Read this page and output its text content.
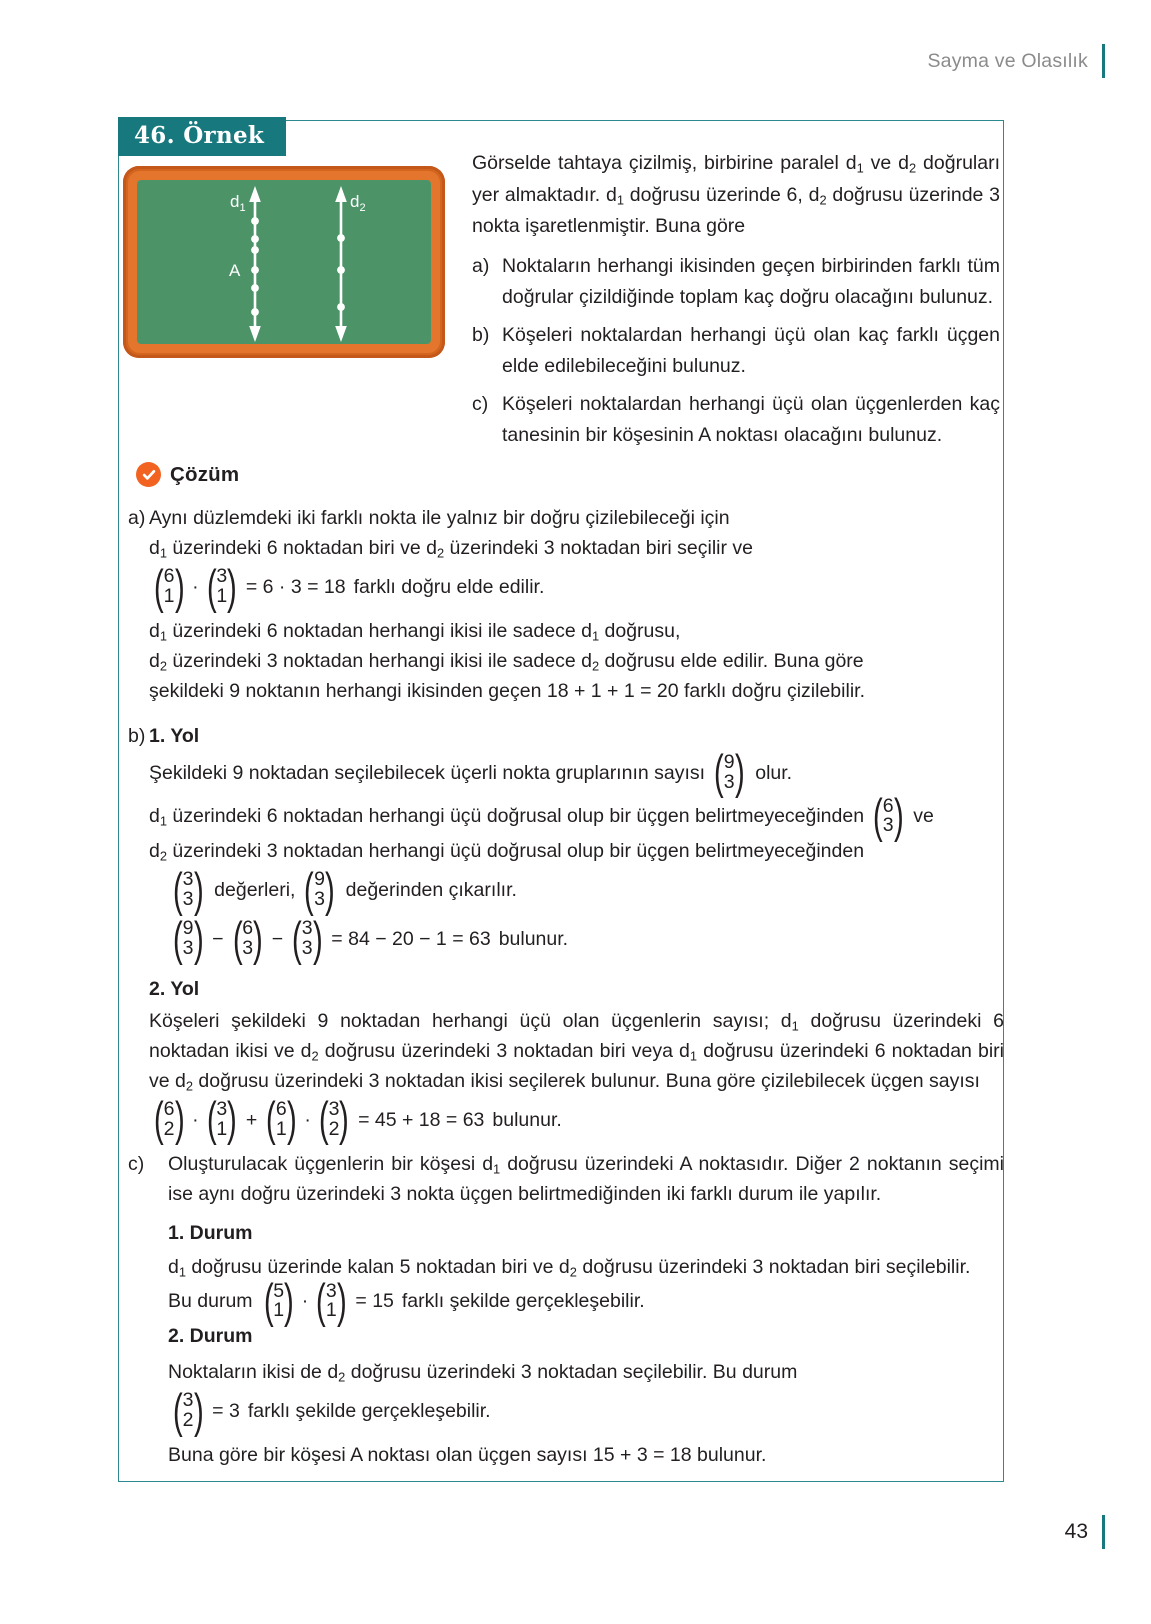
Sayma ve Olasılık
46. Örnek
$d_1$	$d_2$
A

Görselde tahtaya çizilmiş, birbirine paralel $d_1$ ve $d_2$ doğruları yer almaktadır. $d_1$ doğrusu üzerinde 6, $d_2$ doğrusu üzerinde 3 nokta işaretlenmiştir. Buna göre

a) Noktaların herhangi ikisinden geçen birbirinden farklı tüm doğrular çizildiğinde toplam kaç doğru olacağını bulunuz.
b) Köşeleri noktalardan herhangi üçü olan kaç farklı üçgen elde edilebileceğini bulunuz.
c) Köşeleri noktalardan herhangi üçü olan üçgenlerden kaç tanesinin bir köşesinin A noktası olacağını bulunuz.
Çözüm
a) Aynı düzlemdeki iki farklı nokta ile yalnız bir doğru çizilebileceği için
$d_1$ üzerindeki 6 noktadan biri ve $d_2$ üzerindeki 3 noktadan biri seçilir ve
( 6
1 ) · ( 3
1 ) = 6 · 3 = 18 farklı doğru elde edilir.
$d_1$ üzerindeki 6 noktadan herhangi ikisi ile sadece $d_1$ doğrusu,
$d_2$ üzerindeki 3 noktadan herhangi ikisi ile sadece $d_2$ doğrusu elde edilir. Buna göre
şekildeki 9 noktanın herhangi ikisinden geçen 18 + 1 + 1 = 20 farklı doğru çizilebilir.
b) 1. Yol
Şekildeki 9 noktadan seçilebilecek üçerli nokta gruplarının sayısı ( 9
3 ) olur.
$d_1$ üzerindeki 6 noktadan herhangi üçü doğrusal olup bir üçgen belirtmeyeceğinden ( 6
3 ) ve
$d_2$ üzerindeki 3 noktadan herhangi üçü doğrusal olup bir üçgen belirtmeyeceğinden
( 3
3 ) değerleri, ( 9
3 ) değerinden çıkarılır.
( 9
3 ) − ( 6
3 ) − ( 3
3 ) = 84 − 20 − 1 = 63 bulunur.
2. Yol
Köşeleri şekildeki 9 noktadan herhangi üçü olan üçgenlerin sayısı; $d_1$ doğrusu üzerindeki 6 noktadan ikisi ve $d_2$ doğrusu üzerindeki 3 noktadan biri veya $d_1$ doğrusu üzerindeki 6 noktadan biri ve $d_2$ doğrusu üzerindeki 3 noktadan ikisi seçilerek bulunur. Buna göre çizilebilecek üçgen sayısı
( 6
2 ) · ( 3
1 ) + ( 6
1 ) · ( 3
2 ) = 45 + 18 = 63 bulunur.
c) Oluşturulacak üçgenlerin bir köşesi $d_1$ doğrusu üzerindeki A noktasıdır. Diğer 2 noktanın seçimi ise aynı doğru üzerindeki 3 nokta üçgen belirtmediğinden iki farklı durum ile yapılır.
1. Durum
$d_1$ doğrusu üzerinde kalan 5 noktadan biri ve $d_2$ doğrusu üzerindeki 3 noktadan biri seçilebilir.
Bu durum ( 5
1 ) · ( 3
1 ) = 15 farklı şekilde gerçekleşebilir.
2. Durum
Noktaların ikisi de $d_2$ doğrusu üzerindeki 3 noktadan seçilebilir. Bu durum
( 3
2 ) = 3 farklı şekilde gerçekleşebilir.
Buna göre bir köşesi A noktası olan üçgen sayısı 15 + 3 = 18 bulunur.
43
